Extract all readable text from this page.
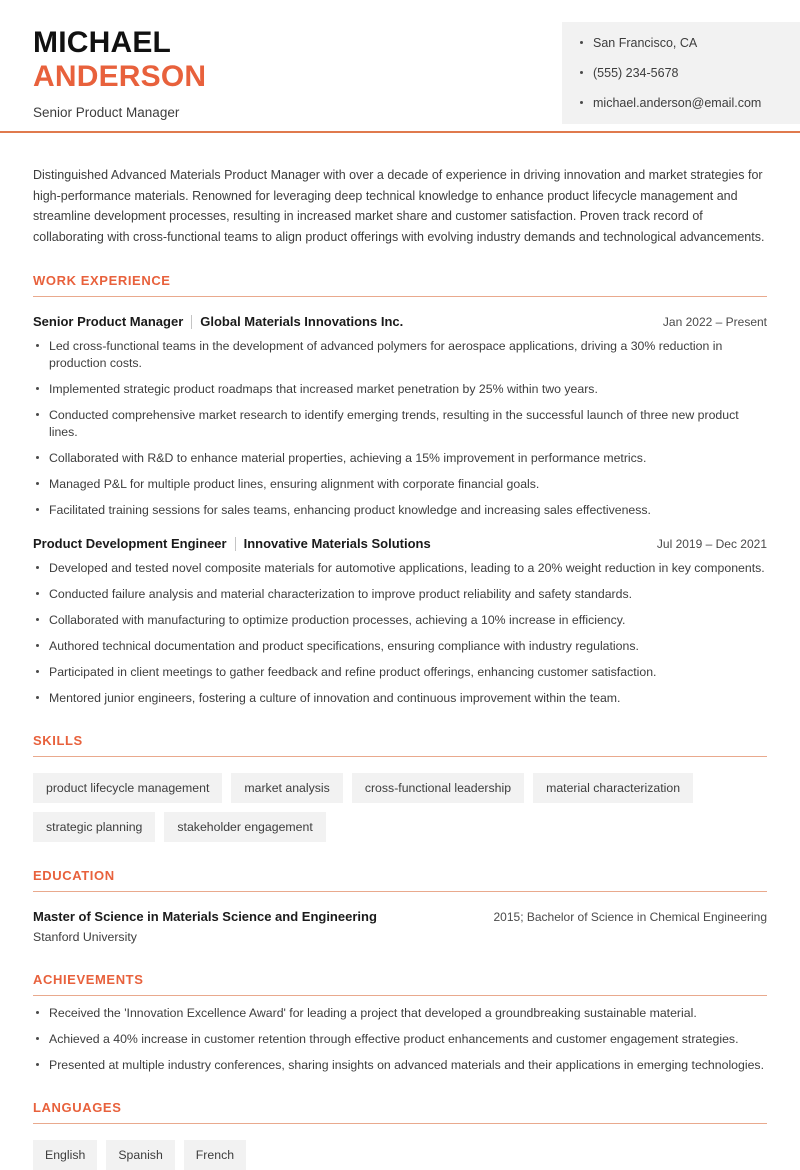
MICHAEL
ANDERSON
Senior Product Manager
San Francisco, CA
(555) 234-5678
michael.anderson@email.com

Distinguished Advanced Materials Product Manager with over a decade of experience in driving innovation and market strategies for high-performance materials. Renowned for leveraging deep technical knowledge to enhance product lifecycle management and streamline development processes, resulting in increased market share and customer satisfaction. Proven track record of collaborating with cross-functional teams to align product offerings with evolving industry demands and technological advancements.

WORK EXPERIENCE
Senior Product Manager Global Materials Innovations Inc.	Jan 2022 – Present
Led cross-functional teams in the development of advanced polymers for aerospace applications, driving a 30% reduction in production costs.
Implemented strategic product roadmaps that increased market penetration by 25% within two years.
Conducted comprehensive market research to identify emerging trends, resulting in the successful launch of three new product lines.
Collaborated with R&D to enhance material properties, achieving a 15% improvement in performance metrics.
Managed P&L for multiple product lines, ensuring alignment with corporate financial goals.
Facilitated training sessions for sales teams, enhancing product knowledge and increasing sales effectiveness.
Product Development Engineer Innovative Materials Solutions	Jul 2019 – Dec 2021
Developed and tested novel composite materials for automotive applications, leading to a 20% weight reduction in key components.
Conducted failure analysis and material characterization to improve product reliability and safety standards.
Collaborated with manufacturing to optimize production processes, achieving a 10% increase in efficiency.
Authored technical documentation and product specifications, ensuring compliance with industry regulations.
Participated in client meetings to gather feedback and refine product offerings, enhancing customer satisfaction.
Mentored junior engineers, fostering a culture of innovation and continuous improvement within the team.
SKILLS
product lifecycle management	market analysis	cross-functional leadership	material characterization
strategic planning	stakeholder engagement
EDUCATION
Master of Science in Materials Science and Engineering	2015; Bachelor of Science in Chemical Engineering
Stanford University
ACHIEVEMENTS
Received the 'Innovation Excellence Award' for leading a project that developed a groundbreaking sustainable material.
Achieved a 40% increase in customer retention through effective product enhancements and customer engagement strategies.
Presented at multiple industry conferences, sharing insights on advanced materials and their applications in emerging technologies.
LANGUAGES
English	Spanish	French
